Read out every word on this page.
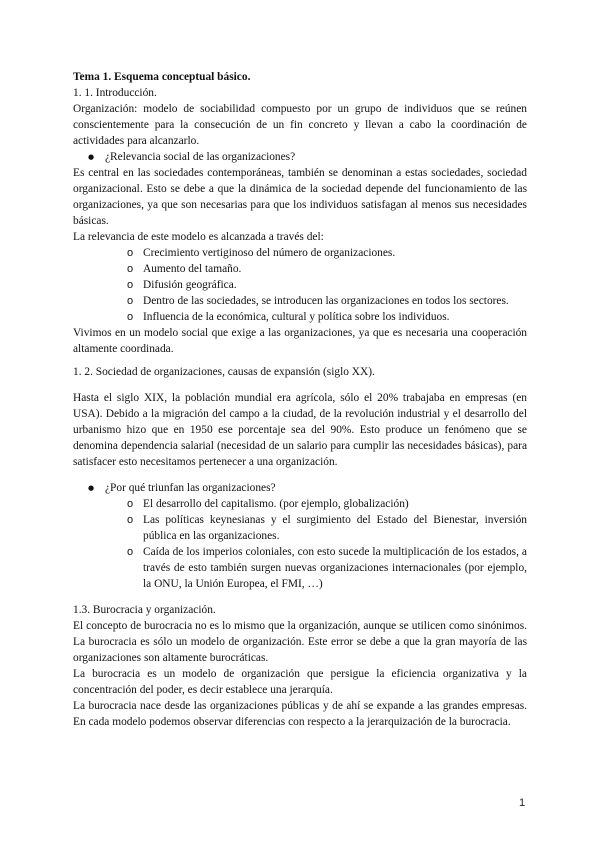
Tema 1. Esquema conceptual básico.

1. 1. Introducción.

Organización: modelo de sociabilidad compuesto por un grupo de individuos que se reúnen conscientemente para la consecución de un fin concreto y llevan a cabo la coordinación de actividades para alcanzarlo.

● ¿Relevancia social de las organizaciones?

Es central en las sociedades contemporáneas, también se denominan a estas sociedades, sociedad organizacional. Esto se debe a que la dinámica de la sociedad depende del funcionamiento de las organizaciones, ya que son necesarias para que los individuos satisfagan al menos sus necesidades básicas.

La relevancia de este modelo es alcanzada a través del:

o Crecimiento vertiginoso del número de organizaciones.
o Aumento del tamaño.
o Difusión geográfica.
o Dentro de las sociedades, se introducen las organizaciones en todos los sectores.
o Influencia de la económica, cultural y política sobre los individuos.

Vivimos en un modelo social que exige a las organizaciones, ya que es necesaria una cooperación altamente coordinada.

1. 2. Sociedad de organizaciones, causas de expansión (siglo XX).

Hasta el siglo XIX, la población mundial era agrícola, sólo el 20% trabajaba en empresas (en USA). Debido a la migración del campo a la ciudad, de la revolución industrial y el desarrollo del urbanismo hizo que en 1950 ese porcentaje sea del 90%. Esto produce un fenómeno que se denomina dependencia salarial (necesidad de un salario para cumplir las necesidades básicas), para satisfacer esto necesitamos pertenecer a una organización.

● ¿Por qué triunfan las organizaciones?
o El desarrollo del capitalismo. (por ejemplo, globalización)
o Las políticas keynesianas y el surgimiento del Estado del Bienestar, inversión pública en las organizaciones.
o Caída de los imperios coloniales, con esto sucede la multiplicación de los estados, a través de esto también surgen nuevas organizaciones internacionales (por ejemplo, la ONU, la Unión Europea, el FMI, …)

1.3. Burocracia y organización.

El concepto de burocracia no es lo mismo que la organización, aunque se utilicen como sinónimos. La burocracia es sólo un modelo de organización. Este error se debe a que la gran mayoría de las organizaciones son altamente burocráticas.

La burocracia es un modelo de organización que persigue la eficiencia organizativa y la concentración del poder, es decir establece una jerarquía.

La burocracia nace desde las organizaciones públicas y de ahí se expande a las grandes empresas. En cada modelo podemos observar diferencias con respecto a la jerarquización de la burocracia.

1
